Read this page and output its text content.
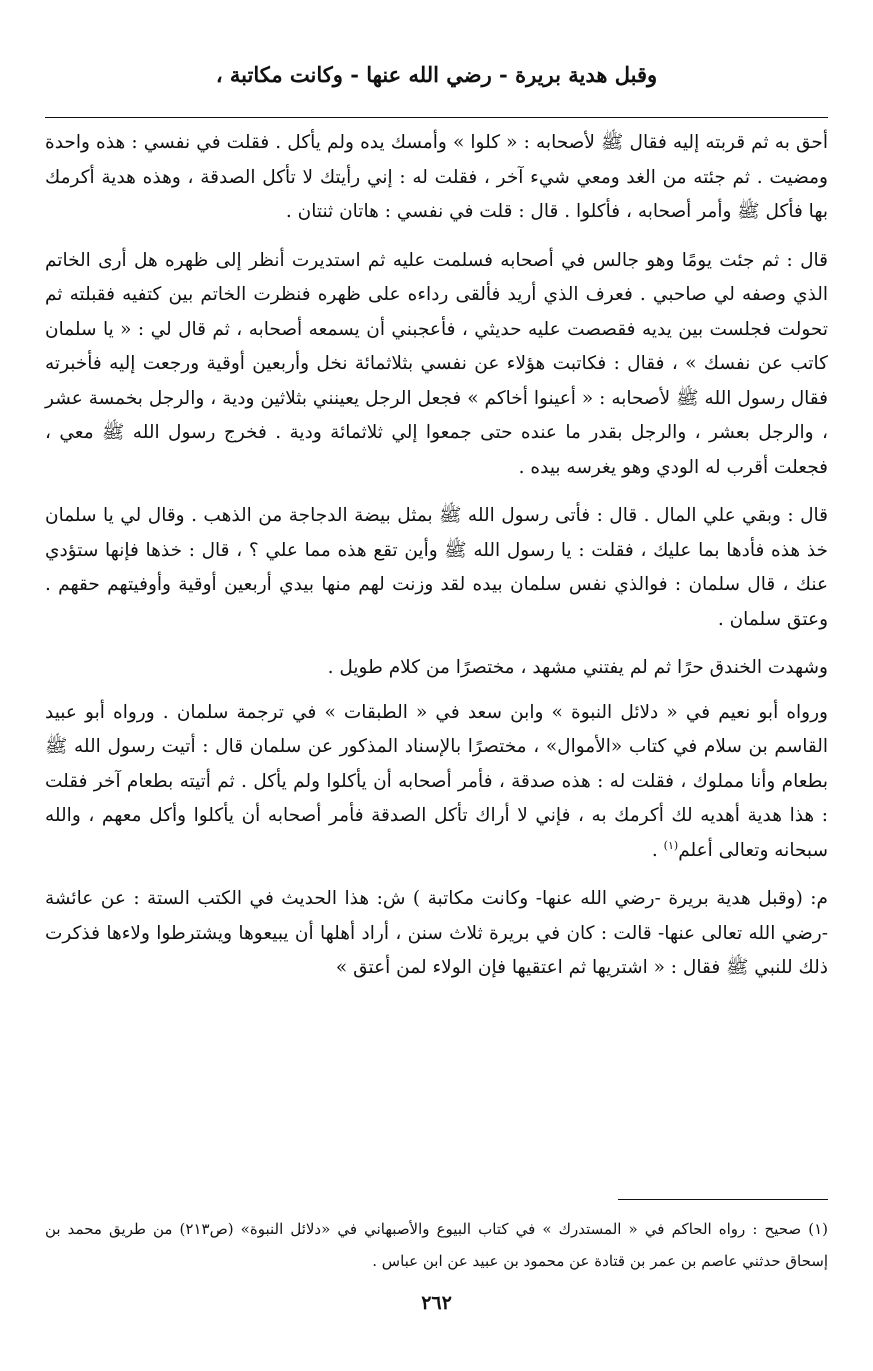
وقبل هدية بريرة - رضي الله عنها - وكانت مكاتبة ،

أحق به ثم قربته إليه فقال ﷺ لأصحابه : « كلوا » وأمسك يده ولم يأكل . فقلت في نفسي : هذه واحدة ومضيت . ثم جئته من الغد ومعي شيء آخر ، فقلت له : إني رأيتك لا تأكل الصدقة ، وهذه هدية أكرمك بها فأكل ﷺ وأمر أصحابه ، فأكلوا . قال : قلت في نفسي : هاتان ثنتان .

قال : ثم جئت يومًا وهو جالس في أصحابه فسلمت عليه ثم استديرت أنظر إلى ظهره هل أرى الخاتم الذي وصفه لي صاحبي . فعرف الذي أريد فألقى رداءه على ظهره فنظرت الخاتم بين كتفيه فقبلته ثم تحولت فجلست بين يديه فقصصت عليه حديثي ، فأعجبني أن يسمعه أصحابه ، ثم قال لي : « يا سلمان كاتب عن نفسك » ، فقال : فكاتبت هؤلاء عن نفسي بثلاثمائة نخل وأربعين أوقية ورجعت إليه فأخبرته فقال رسول الله ﷺ لأصحابه : « أعينوا أخاكم » فجعل الرجل يعينني بثلاثين ودية ، والرجل بخمسة عشر ، والرجل بعشر ، والرجل بقدر ما عنده حتى جمعوا إلي ثلاثمائة ودية . فخرج رسول الله ﷺ معي ، فجعلت أقرب له الودي وهو يغرسه بيده .

قال : وبقي علي المال . قال : فأتى رسول الله ﷺ بمثل بيضة الدجاجة من الذهب . وقال لي يا سلمان خذ هذه فأدها بما عليك ، فقلت : يا رسول الله ﷺ وأين تقع هذه مما علي ؟ ، قال : خذها فإنها ستؤدي عنك ، قال سلمان : فوالذي نفس سلمان بيده لقد وزنت لهم منها بيدي أربعين أوقية وأوفيتهم حقهم . وعتق سلمان .

وشهدت الخندق حرًا ثم لم يفتني مشهد ، مختصرًا من كلام طويل .

ورواه أبو نعيم في « دلائل النبوة » وابن سعد في « الطبقات » في ترجمة سلمان . ورواه أبو عبيد القاسم بن سلام في كتاب «الأموال» ، مختصرًا بالإسناد المذكور عن سلمان قال : أتيت رسول الله ﷺ بطعام وأنا مملوك ، فقلت له : هذه صدقة ، فأمر أصحابه أن يأكلوا ولم يأكل . ثم أتيته بطعام آخر فقلت : هذا هدية أهديه لك أكرمك به ، فإني لا أراك تأكل الصدقة فأمر أصحابه أن يأكلوا وأكل معهم ، والله سبحانه وتعالى أعلم$^{(١)}$ .

م: (وقبل هدية بريرة -رضي الله عنها- وكانت مكاتبة ) ش: هذا الحديث في الكتب الستة : عن عائشة -رضي الله تعالى عنها- قالت : كان في بريرة ثلاث سنن ، أراد أهلها أن يبيعوها ويشترطوا ولاءها فذكرت ذلك للنبي ﷺ فقال : « اشتريها ثم اعتقيها فإن الولاء لمن أعتق »

(١) صحيح : رواه الحاكم في « المستدرك » في كتاب البيوع والأصبهاني في «دلائل النبوة» (ص٢١٣) من طريق محمد بن إسحاق حدثني عاصم بن عمر بن قتادة عن محمود بن عبيد عن ابن عباس .

٢٦٢
